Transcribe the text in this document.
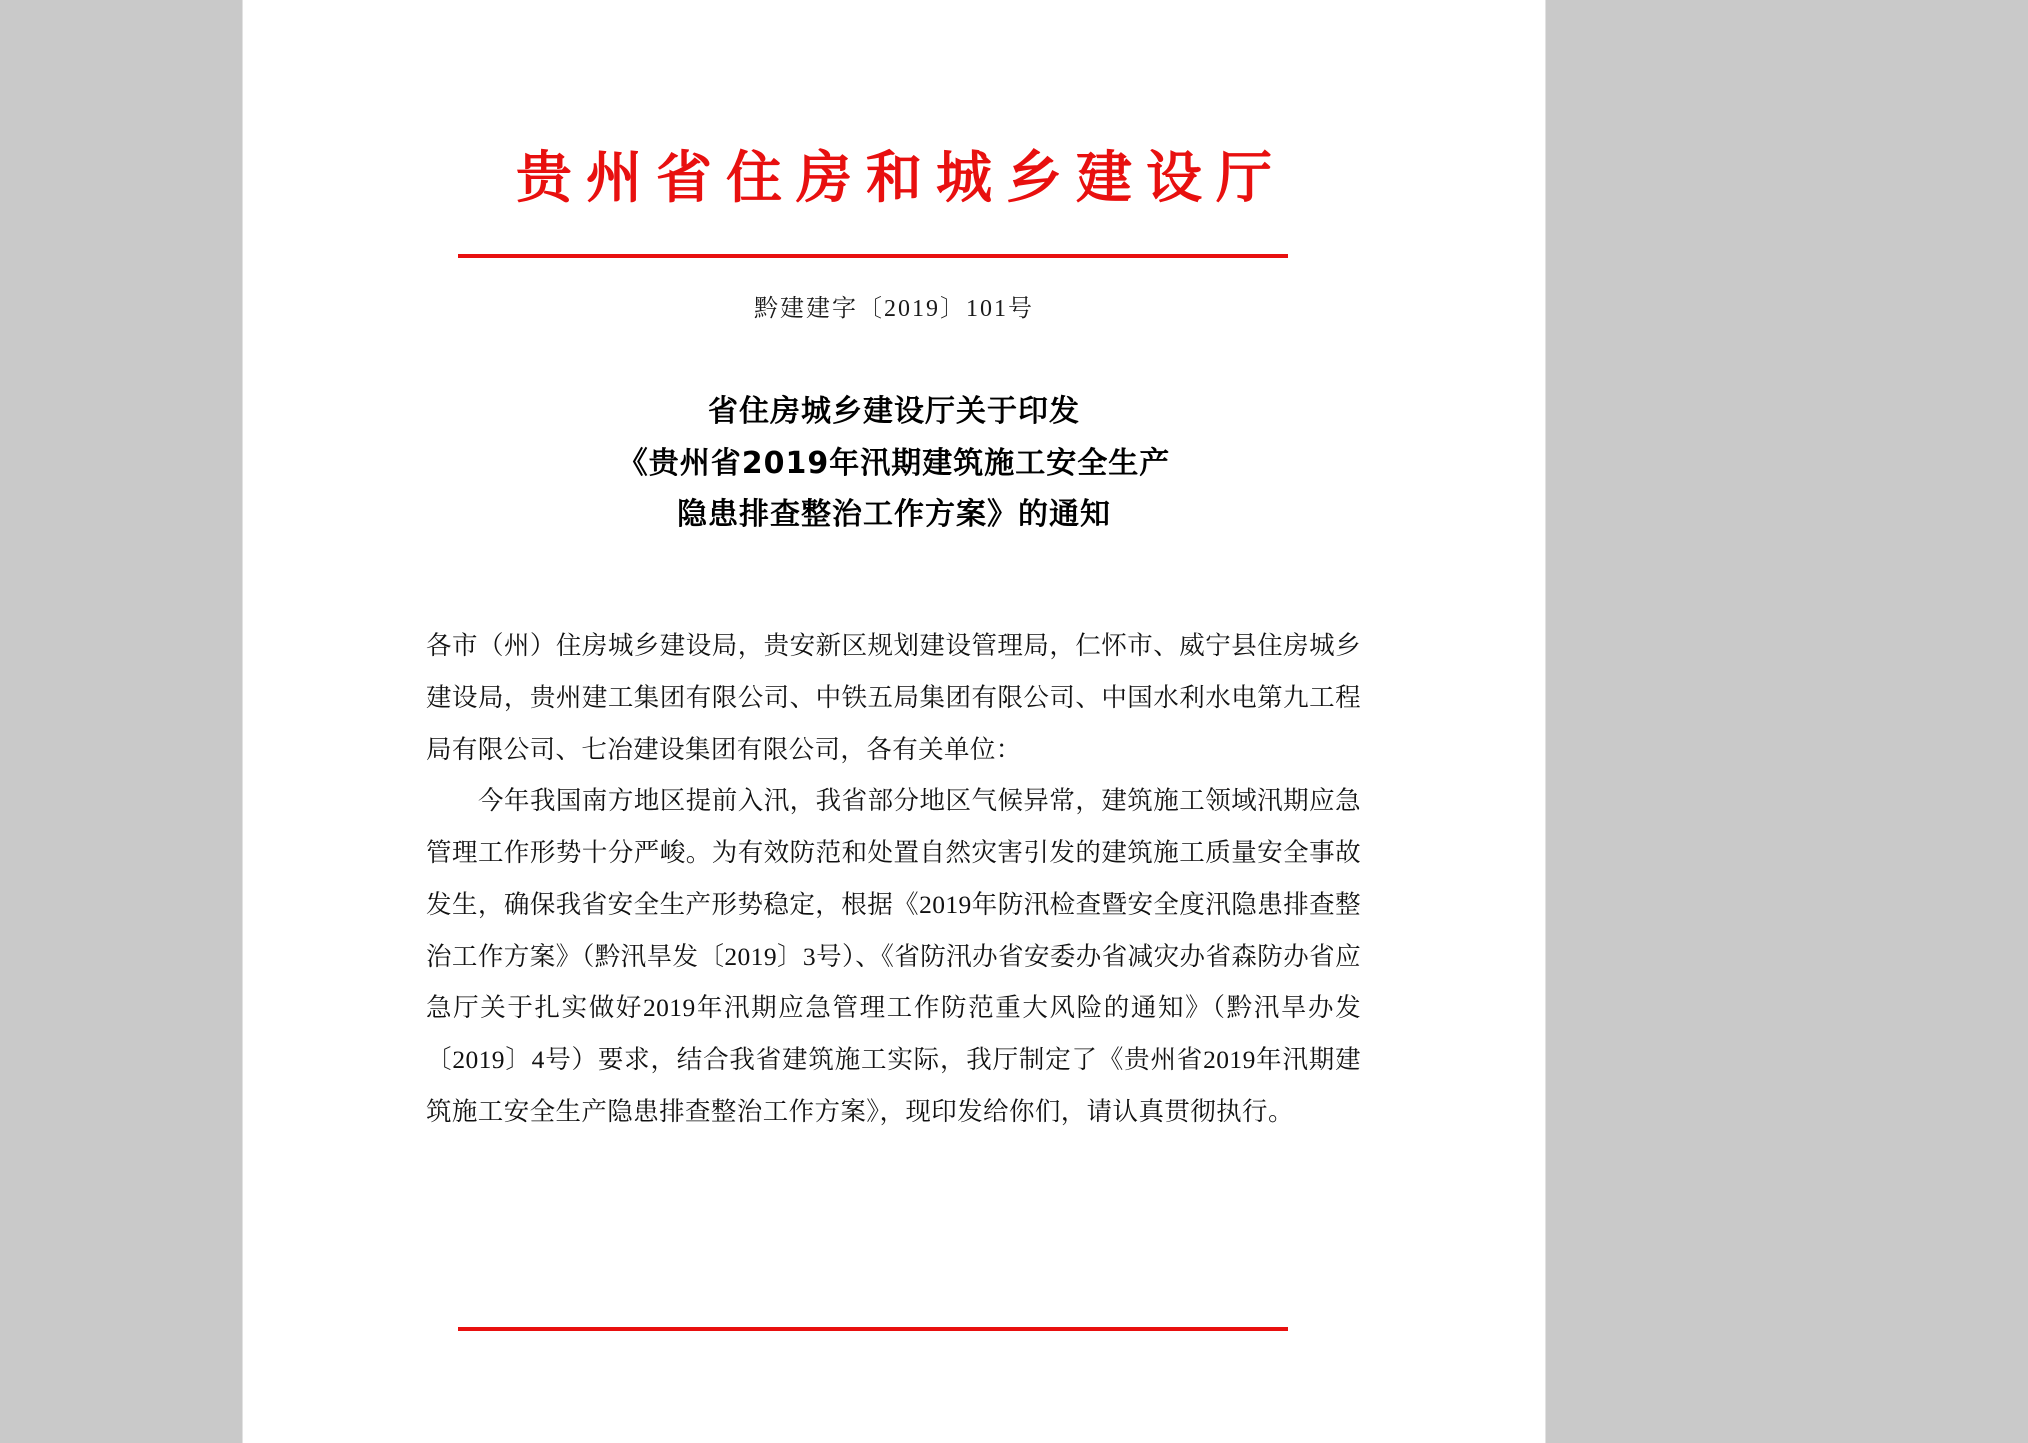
贵州省住房和城乡建设厅
黔建建字〔2019〕101号
省住房城乡建设厅关于印发
《贵州省2019年汛期建筑施工安全生产
隐患排查整治工作方案》的通知

各市（州）住房城乡建设局，贵安新区规划建设管理局，仁怀市、威宁县住房城乡建设局，贵州建工集团有限公司、中铁五局集团有限公司、中国水利水电第九工程局有限公司、七冶建设集团有限公司，各有关单位：

今年我国南方地区提前入汛，我省部分地区气候异常，建筑施工领域汛期应急管理工作形势十分严峻。为有效防范和处置自然灾害引发的建筑施工质量安全事故发生，确保我省安全生产形势稳定，根据《2019年防汛检查暨安全度汛隐患排查整治工作方案》（黔汛旱发〔2019〕3号）、《省防汛办省安委办省减灾办省森防办省应急厅关于扎实做好2019年汛期应急管理工作防范重大风险的通知》（黔汛旱办发〔2019〕4号）要求，结合我省建筑施工实际，我厅制定了《贵州省2019年汛期建筑施工安全生产隐患排查整治工作方案》，现印发给你们，请认真贯彻执行。
